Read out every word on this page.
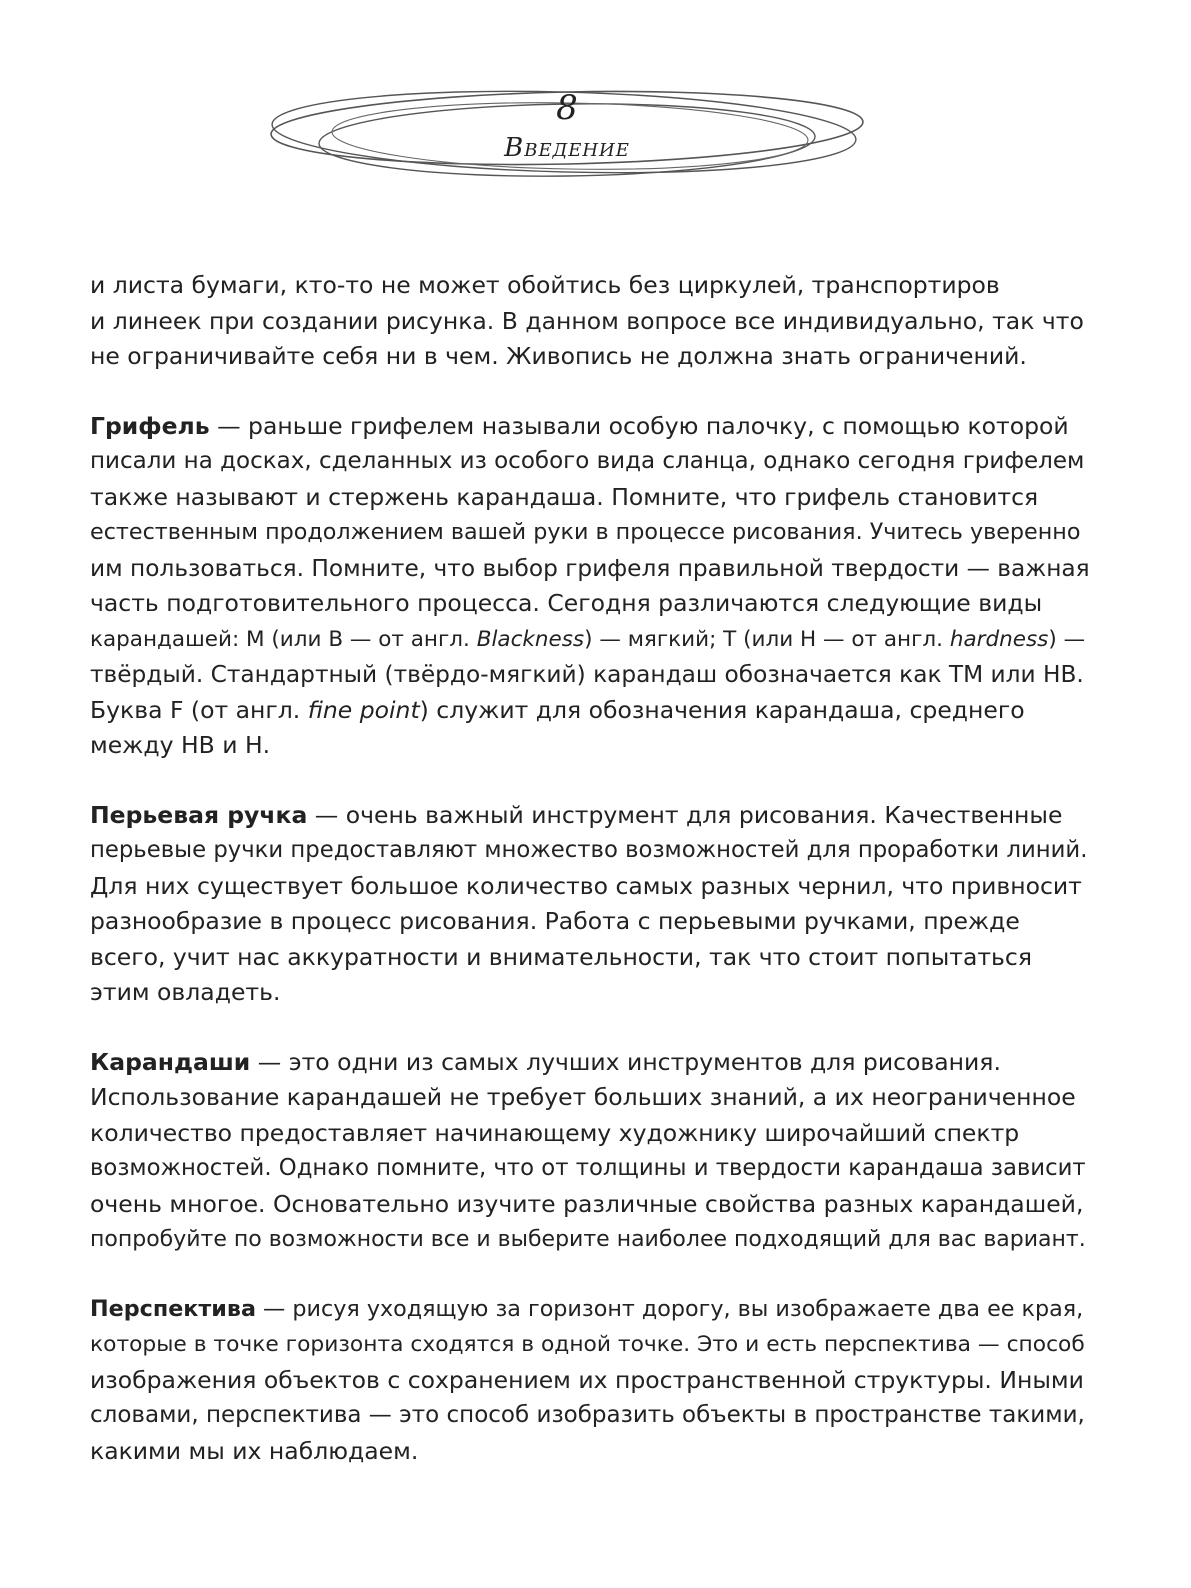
8
Введение

и листа бумаги, кто-то не может обойтись без циркулей, транспортиров
и линеек при создании рисунка. В данном вопросе все индивидуально, так что
не ограничивайте себя ни в чем. Живопись не должна знать ограничений.

Грифель — раньше грифелем называли особую палочку, с помощью которой
писали на досках, сделанных из особого вида сланца, однако сегодня грифелем
также называют и стержень карандаша. Помните, что грифель становится
естественным продолжением вашей руки в процессе рисования. Учитесь уверенно
им пользоваться. Помните, что выбор грифеля правильной твердости — важная
часть подготовительного процесса. Сегодня различаются следующие виды
карандашей: М (или В — от англ. Blackness) — мягкий; Т (или Н — от англ. hardness) —
твёрдый. Стандартный (твёрдо-мягкий) карандаш обозначается как ТМ или НВ.
Буква F (от англ. fine point) служит для обозначения карандаша, среднего
между НВ и Н.

Перьевая ручка — очень важный инструмент для рисования. Качественные
перьевые ручки предоставляют множество возможностей для проработки линий.
Для них существует большое количество самых разных чернил, что привносит
разнообразие в процесс рисования. Работа с перьевыми ручками, прежде
всего, учит нас аккуратности и внимательности, так что стоит попытаться
этим овладеть.

Карандаши — это одни из самых лучших инструментов для рисования.
Использование карандашей не требует больших знаний, а их неограниченное
количество предоставляет начинающему художнику широчайший спектр
возможностей. Однако помните, что от толщины и твердости карандаша зависит
очень многое. Основательно изучите различные свойства разных карандашей,
попробуйте по возможности все и выберите наиболее подходящий для вас вариант.

Перспектива — рисуя уходящую за горизонт дорогу, вы изображаете два ее края,
которые в точке горизонта сходятся в одной точке. Это и есть перспектива — способ
изображения объектов с сохранением их пространственной структуры. Иными
словами, перспектива — это способ изобразить объекты в пространстве такими,
какими мы их наблюдаем.
